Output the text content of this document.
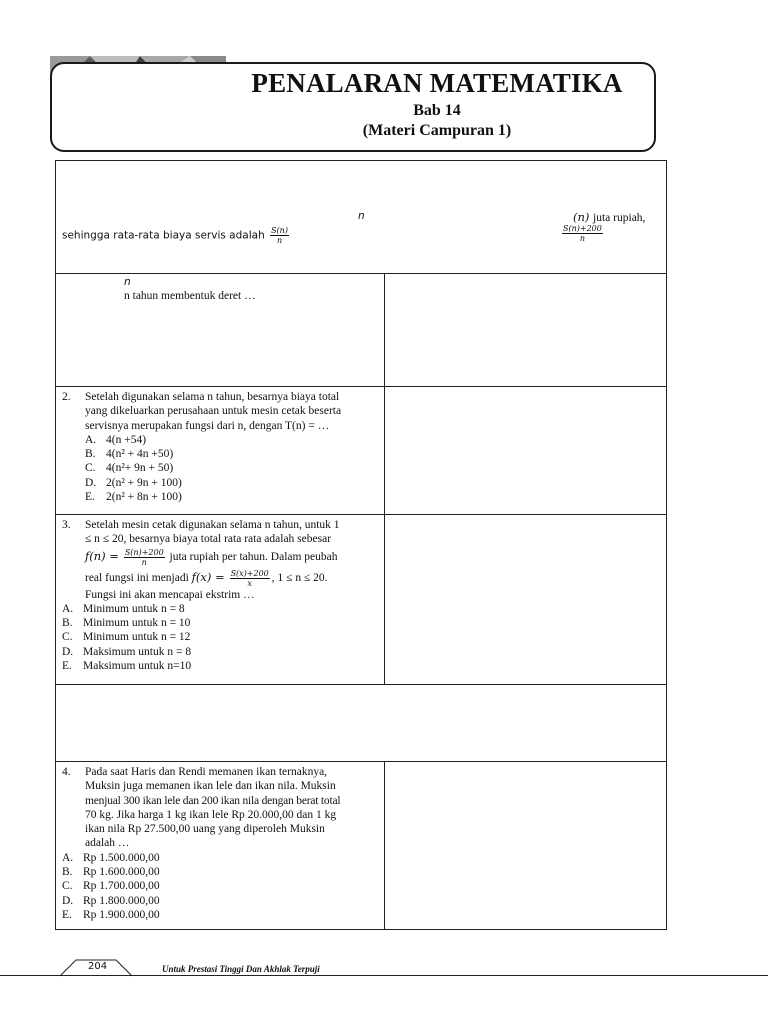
PENALARAN MATEMATIKA
Bab 14
(Materi Campuran 1)
n	(n) juta rupiah,
sehingga rata-rata biaya servis adalah $\frac{S(n)}{n}$	$\frac{S(n)+200}{n}$
n
n tahun membentuk deret …
2. Setelah digunakan selama n tahun, besarnya biaya total
yang dikeluarkan perusahaan untuk mesin cetak beserta
servisnya merupakan fungsi dari n, dengan T(n) = …
A. 4(n +54)
B. 4(n² + 4n +50)
C. 4(n²+ 9n + 50)
D. 2(n² + 9n + 100)
E. 2(n² + 8n + 100)
3. Setelah mesin cetak digunakan selama n tahun, untuk 1
≤ n ≤ 20, besarnya biaya total rata rata adalah sebesar
$f(n) = \frac{S(n)+200}{n}$ juta rupiah per tahun. Dalam peubah
real fungsi ini menjadi $f(x) = \frac{S(x)+200}{x}$ , 1 ≤ n ≤ 20.
Fungsi ini akan mencapai ekstrim …
A. Minimum untuk n = 8
B. Minimum untuk n = 10
C. Minimum untuk n = 12
D. Maksimum untuk n = 8
E. Maksimum untuk n=10
4. Pada saat Haris dan Rendi memanen ikan ternaknya,
Muksin juga memanen ikan lele dan ikan nila. Muksin
menjual 300 ikan lele dan 200 ikan nila dengan berat total
70 kg. Jika harga 1 kg ikan lele Rp 20.000,00 dan 1 kg
ikan nila Rp 27.500,00 uang yang diperoleh Muksin
adalah …
A. Rp 1.500.000,00
B. Rp 1.600.000,00
C. Rp 1.700.000,00
D. Rp 1.800.000,00
E. Rp 1.900.000,00
204	Untuk Prestasi Tinggi Dan Akhlak Terpuji
